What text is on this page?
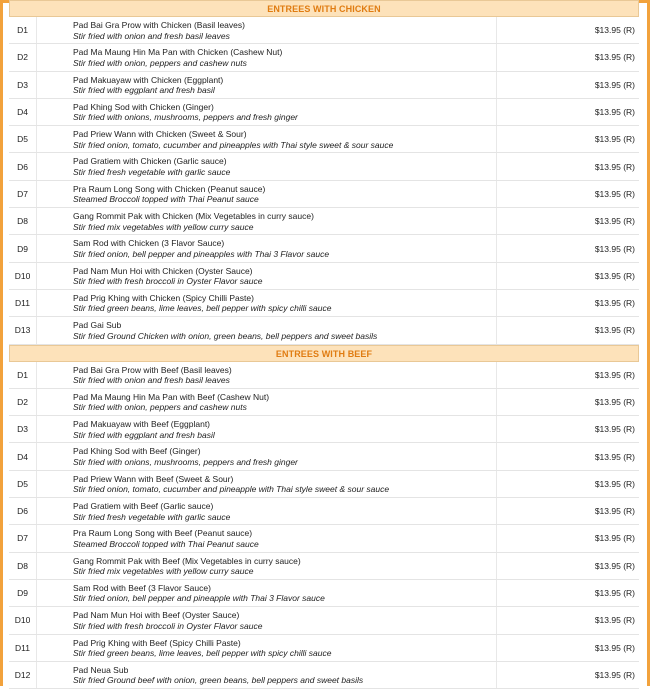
ENTREES WITH CHICKEN
D1
Pad Bai Gra Prow with Chicken (Basil leaves)
Stir fried with onion and fresh basil leaves
$13.95 (R)
D2
Pad Ma Maung Hin Ma Pan with Chicken (Cashew Nut)
Stir fried with onion, peppers and cashew nuts
$13.95 (R)
D3
Pad Makuayaw with Chicken (Eggplant)
Stir fried with eggplant and fresh basil
$13.95 (R)
D4
Pad Khing Sod with Chicken (Ginger)
Stir fried with onions, mushrooms, peppers and fresh ginger
$13.95 (R)
D5
Pad Priew Wann with Chicken (Sweet & Sour)
Stir fried onion, tomato, cucumber and pineapples with Thai style sweet & sour sauce
$13.95 (R)
D6
Pad Gratiem with Chicken (Garlic sauce)
Stir fried fresh vegetable with garlic sauce
$13.95 (R)
D7
Pra Raum Long Song with Chicken (Peanut sauce)
Steamed Broccoli topped with Thai Peanut sauce
$13.95 (R)
D8
Gang Rommit Pak with Chicken (Mix Vegetables in curry sauce)
Stir fried mix vegetables with yellow curry sauce
$13.95 (R)
D9
Sam Rod with Chicken (3 Flavor Sauce)
Stir fried onion, bell pepper and pineapples with Thai 3 Flavor sauce
$13.95 (R)
D10
Pad Nam Mun Hoi with Chicken (Oyster Sauce)
Stir fried with fresh broccoli in Oyster Flavor sauce
$13.95 (R)
D11
Pad Prig Khing with Chicken (Spicy Chilli Paste)
Stir fried green beans, lime leaves, bell pepper with spicy chilli sauce
$13.95 (R)
D13
Pad Gai Sub
Stir fried Ground Chicken with onion, green beans, bell peppers and sweet basils
$13.95 (R)
ENTREES WITH BEEF
D1
Pad Bai Gra Prow with Beef (Basil leaves)
Stir fried with onion and fresh basil leaves
$13.95 (R)
D2
Pad Ma Maung Hin Ma Pan with Beef (Cashew Nut)
Stir fried with onion, peppers and cashew nuts
$13.95 (R)
D3
Pad Makuayaw with Beef (Eggplant)
Stir fried with eggplant and fresh basil
$13.95 (R)
D4
Pad Khing Sod with Beef (Ginger)
Stir fried with onions, mushrooms, peppers and fresh ginger
$13.95 (R)
D5
Pad Priew Wann with Beef (Sweet & Sour)
Stir fried onion, tomato, cucumber and pineapple with Thai style sweet & sour sauce
$13.95 (R)
D6
Pad Gratiem with Beef (Garlic sauce)
Stir fried fresh vegetable with garlic sauce
$13.95 (R)
D7
Pra Raum Long Song with Beef (Peanut sauce)
Steamed Broccoli topped with Thai Peanut sauce
$13.95 (R)
D8
Gang Rommit Pak with Beef (Mix Vegetables in curry sauce)
Stir fried mix vegetables with yellow curry sauce
$13.95 (R)
D9
Sam Rod with Beef (3 Flavor Sauce)
Stir fried onion, bell pepper and pineapple with Thai 3 Flavor sauce
$13.95 (R)
D10
Pad Nam Mun Hoi with Beef (Oyster Sauce)
Stir fried with fresh broccoli in Oyster Flavor sauce
$13.95 (R)
D11
Pad Prig Khing with Beef (Spicy Chilli Paste)
Stir fried green beans, lime leaves, bell pepper with spicy chilli sauce
$13.95 (R)
D12
Pad Neua Sub
Stir fried Ground beef with onion, green beans, bell peppers and sweet basils
$13.95 (R)
